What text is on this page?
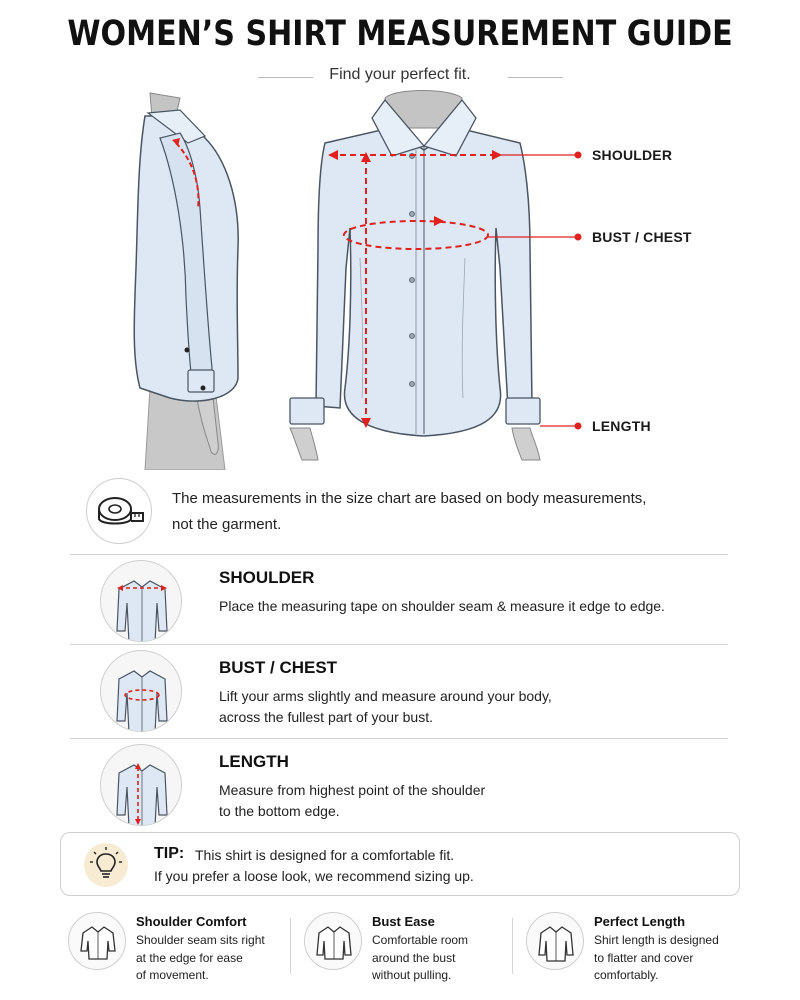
WOMEN’S SHIRT MEASUREMENT GUIDE
Find your perfect fit.
SHOULDER
BUST / CHEST
LENGTH
The measurements in the size chart are based on body measurements,
not the garment.
SHOULDER
Place the measuring tape on shoulder seam & measure it edge to edge.
BUST / CHEST
Lift your arms slightly and measure around your body,
across the fullest part of your bust.
LENGTH
Measure from highest point of the shoulder
to the bottom edge.
TIP: This shirt is designed for a comfortable fit.
If you prefer a loose look, we recommend sizing up.
Shoulder Comfort
Shoulder seam sits right
at the edge for ease
of movement.
Bust Ease
Comfortable room
around the bust
without pulling.
Perfect Length
Shirt length is designed
to flatter and cover
comfortably.
